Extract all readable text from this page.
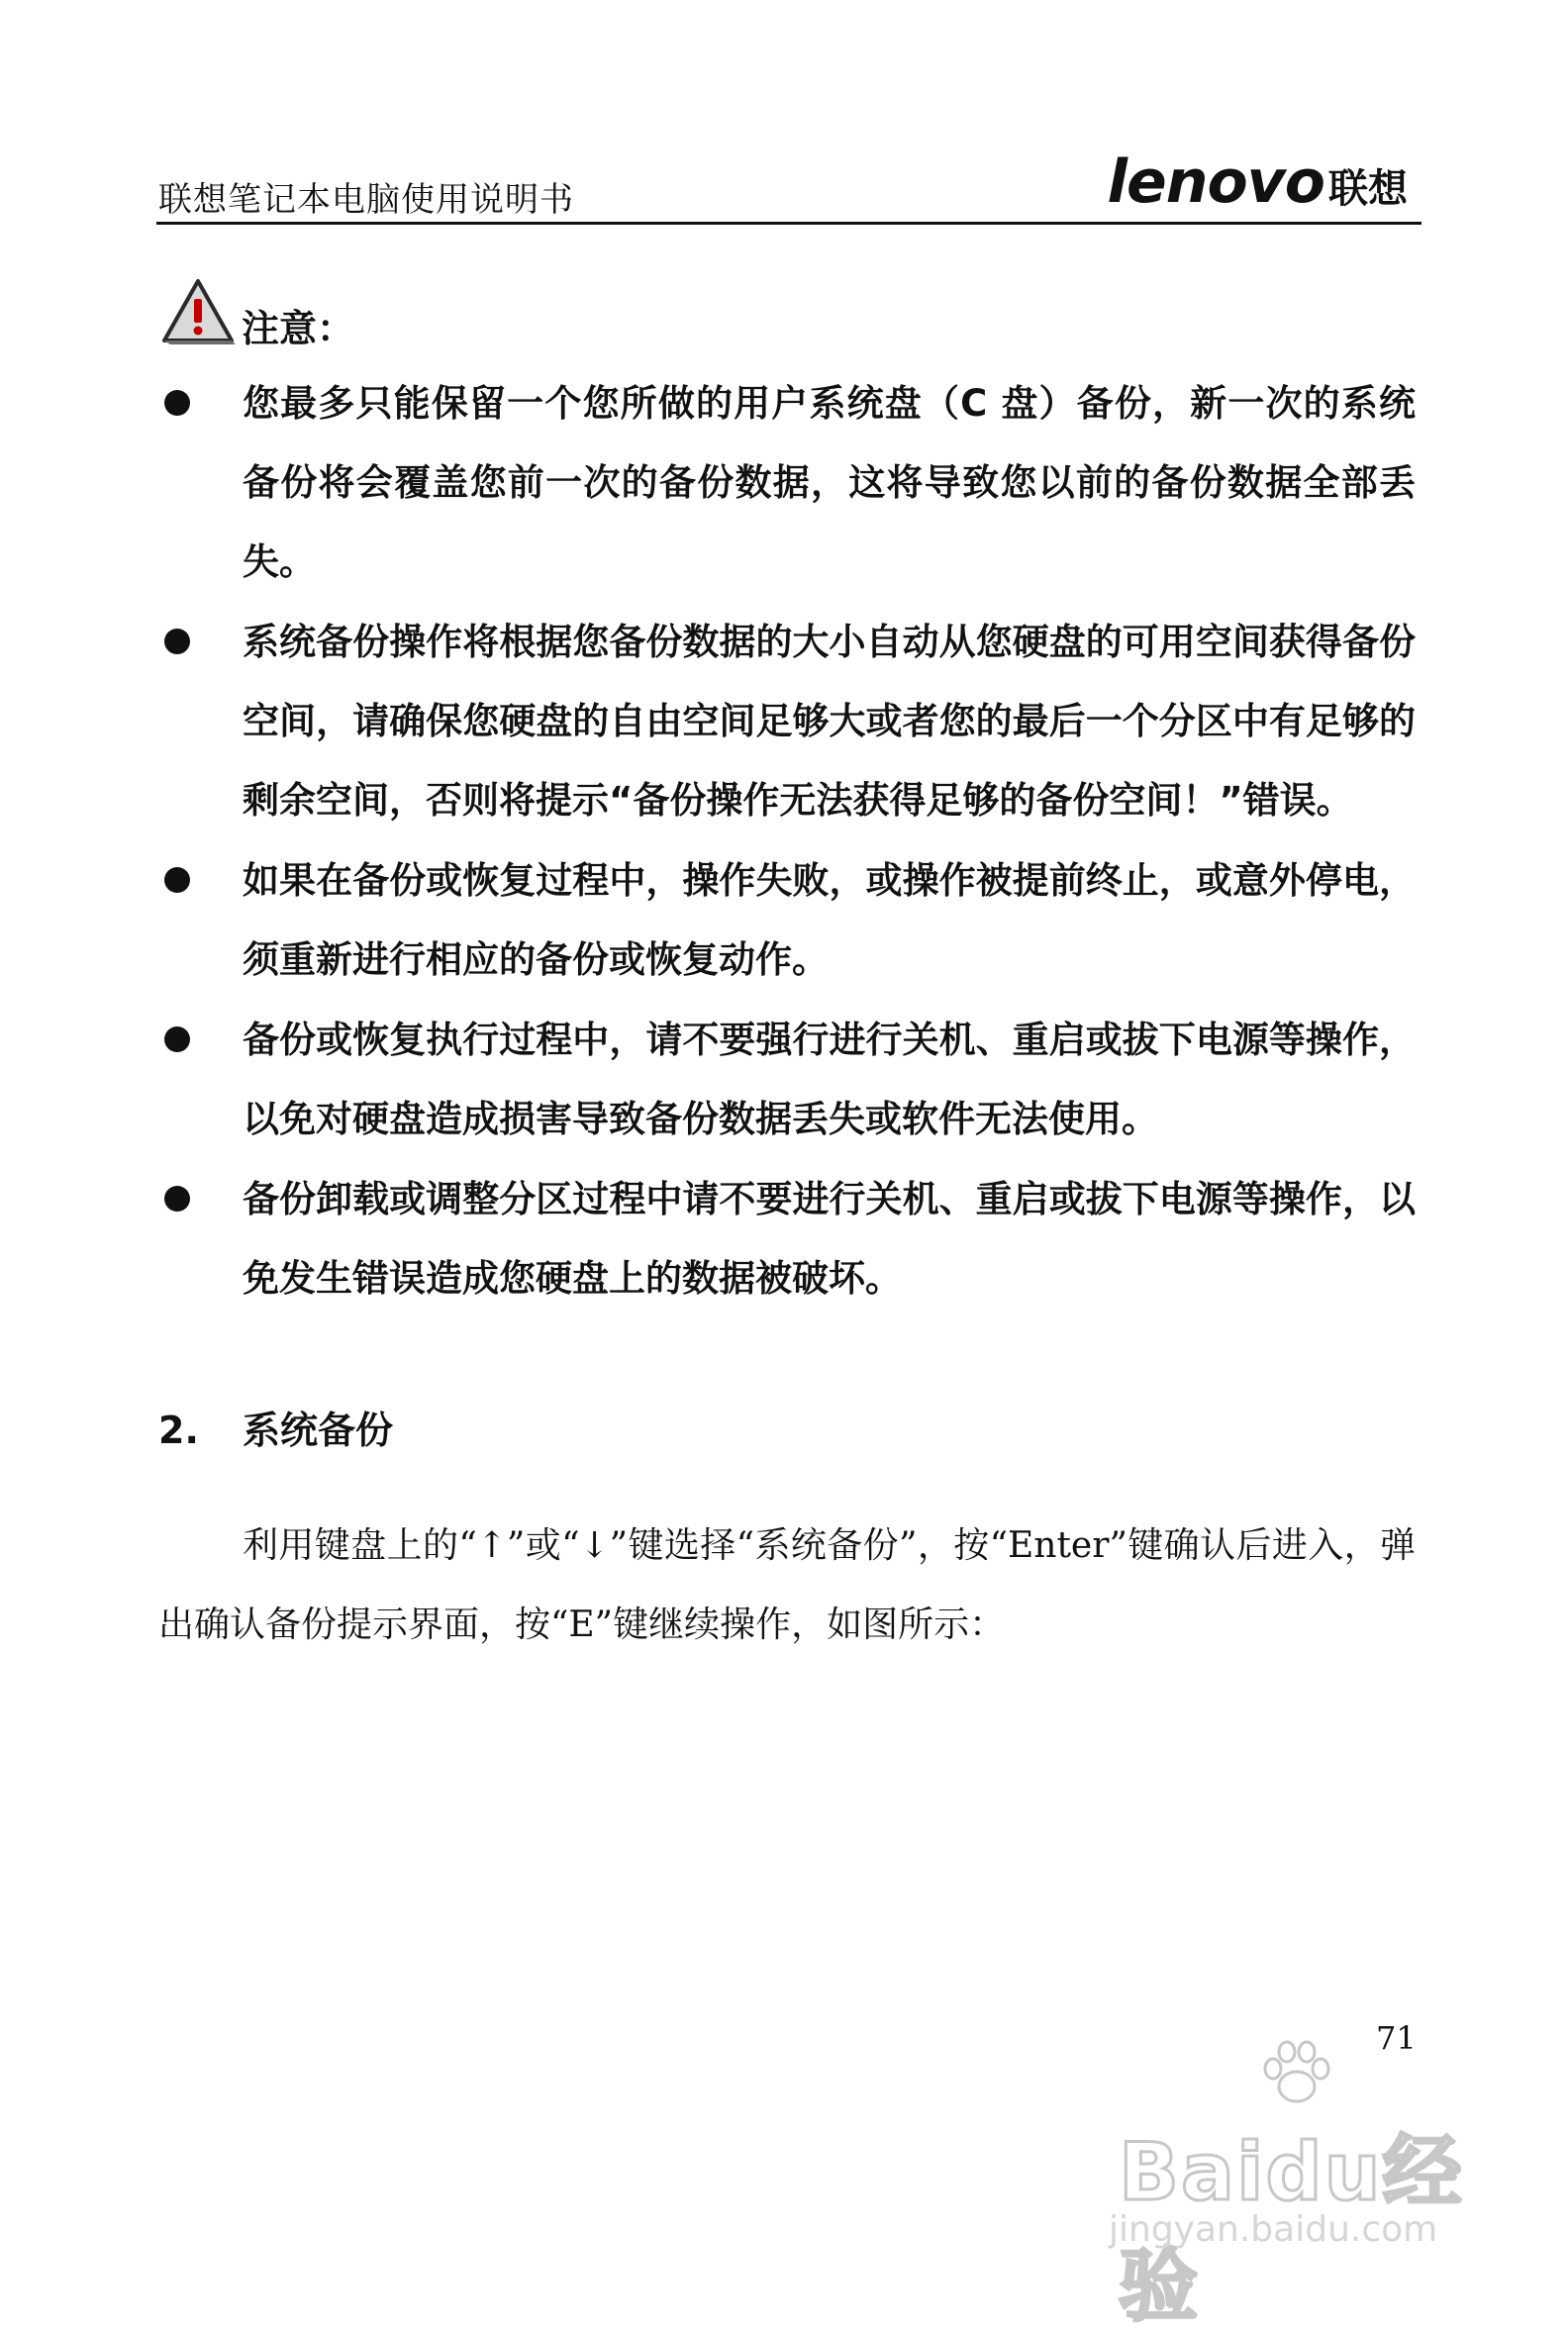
联想笔记本电脑使用说明书	lenovo 联想
注意：
您最多只能保留一个您所做的用户系统盘（C 盘）备份，新一次的系统备份将会覆盖您前一次的备份数据，这将导致您以前的备份数据全部丢失。
系统备份操作将根据您备份数据的大小自动从您硬盘的可用空间获得备份空间，请确保您硬盘的自由空间足够大或者您的最后一个分区中有足够的剩余空间，否则将提示“备份操作无法获得足够的备份空间！”错误。
如果在备份或恢复过程中，操作失败，或操作被提前终止，或意外停电，须重新进行相应的备份或恢复动作。
备份或恢复执行过程中，请不要强行进行关机、重启或拔下电源等操作，以免对硬盘造成损害导致备份数据丢失或软件无法使用。
备份卸载或调整分区过程中请不要进行关机、重启或拔下电源等操作，以免发生错误造成您硬盘上的数据被破坏。
2. 系统备份

利用键盘上的“↑”或“↓”键选择“系统备份”，按“Enter”键确认后进入，弹出确认备份提示界面，按“E”键继续操作，如图所示：

71
Baidu经验
jingyan.baidu.com
